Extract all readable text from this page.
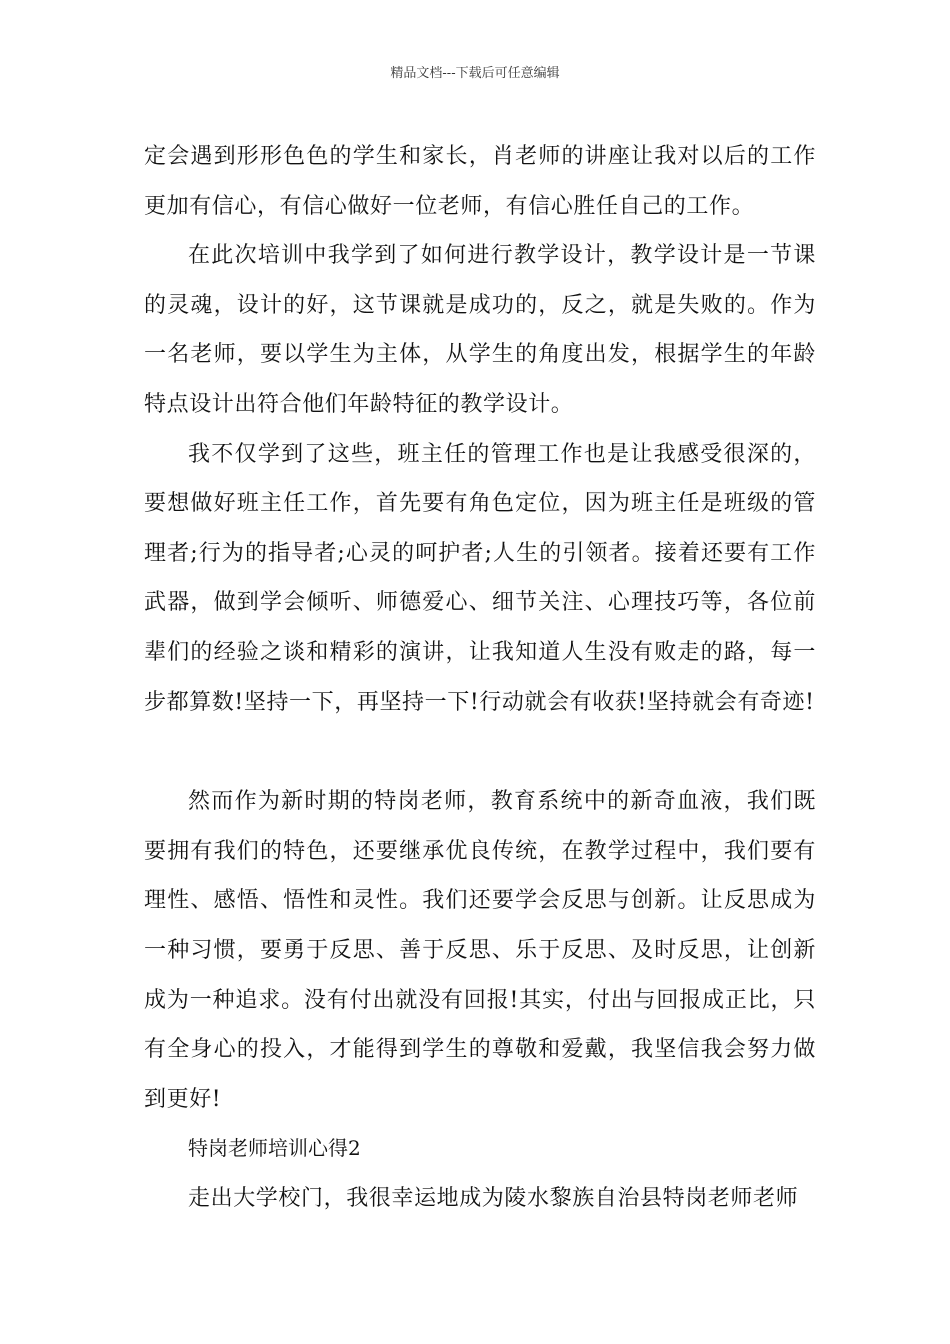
精品文档---下载后可任意编辑

定会遇到形形色色的学生和家长，肖老师的讲座让我对以后的工作更加有信心，有信心做好一位老师，有信心胜任自己的工作。

在此次培训中我学到了如何进行教学设计，教学设计是一节课的灵魂，设计的好，这节课就是成功的，反之，就是失败的。作为一名老师，要以学生为主体，从学生的角度出发，根据学生的年龄特点设计出符合他们年龄特征的教学设计。

我不仅学到了这些，班主任的管理工作也是让我感受很深的，要想做好班主任工作，首先要有角色定位，因为班主任是班级的管理者;行为的指导者;心灵的呵护者;人生的引领者。接着还要有工作武器，做到学会倾听、师德爱心、细节关注、心理技巧等，各位前辈们的经验之谈和精彩的演讲，让我知道人生没有败走的路，每一步都算数!坚持一下，再坚持一下!行动就会有收获!坚持就会有奇迹!

然而作为新时期的特岗老师，教育系统中的新奇血液，我们既要拥有我们的特色，还要继承优良传统，在教学过程中，我们要有理性、感悟、悟性和灵性。我们还要学会反思与创新。让反思成为一种习惯，要勇于反思、善于反思、乐于反思、及时反思，让创新成为一种追求。没有付出就没有回报!其实，付出与回报成正比，只有全身心的投入，才能得到学生的尊敬和爱戴，我坚信我会努力做到更好!

特岗老师培训心得2

走出大学校门，我很幸运地成为陵水黎族自治县特岗老师老师
